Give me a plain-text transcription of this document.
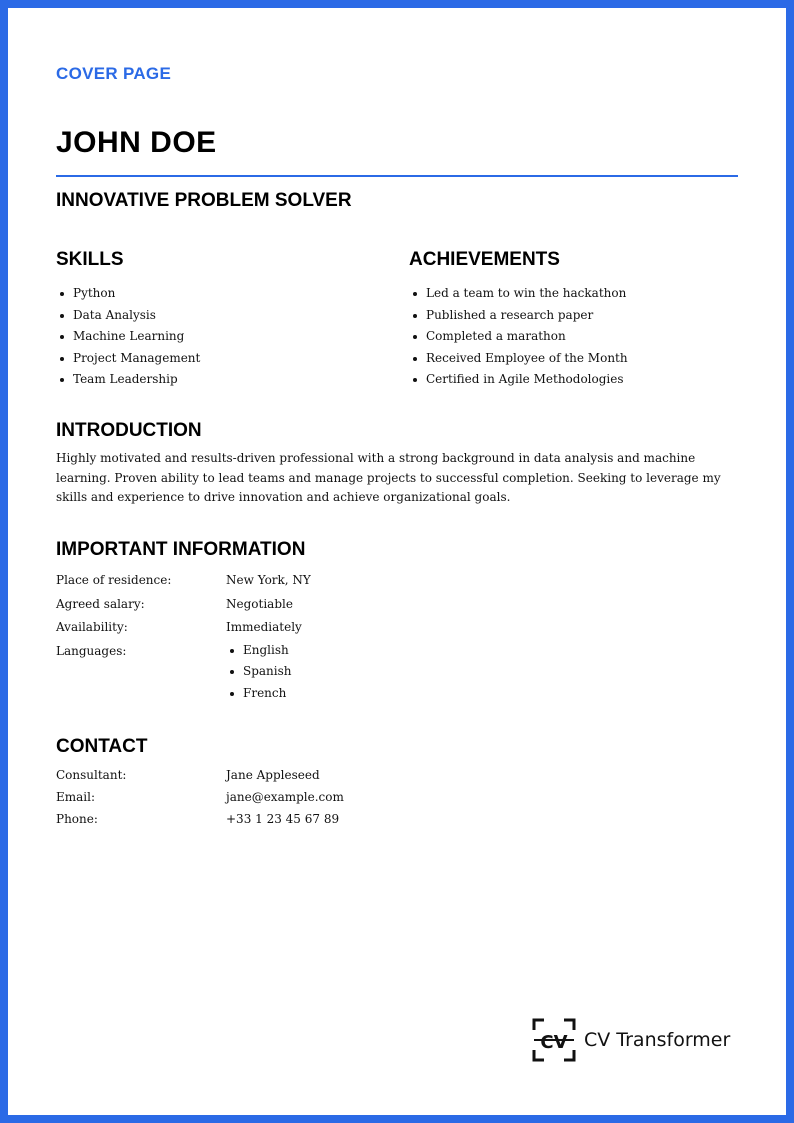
COVER PAGE
JOHN DOE
INNOVATIVE PROBLEM SOLVER
SKILLS
Python
Data Analysis
Machine Learning
Project Management
Team Leadership
ACHIEVEMENTS
Led a team to win the hackathon
Published a research paper
Completed a marathon
Received Employee of the Month
Certified in Agile Methodologies
INTRODUCTION

Highly motivated and results-driven professional with a strong background in data analysis and machine learning. Proven ability to lead teams and manage projects to successful completion. Seeking to leverage my skills and experience to drive innovation and achieve organizational goals.

IMPORTANT INFORMATION
Place of residence:	New York, NY
Agreed salary:	Negotiable
Availability:	Immediately
Languages:	English
Spanish
French
CONTACT
Consultant:	Jane Appleseed
Email:	jane@example.com
Phone:	+33 1 23 45 67 89
CV CV Transformer
